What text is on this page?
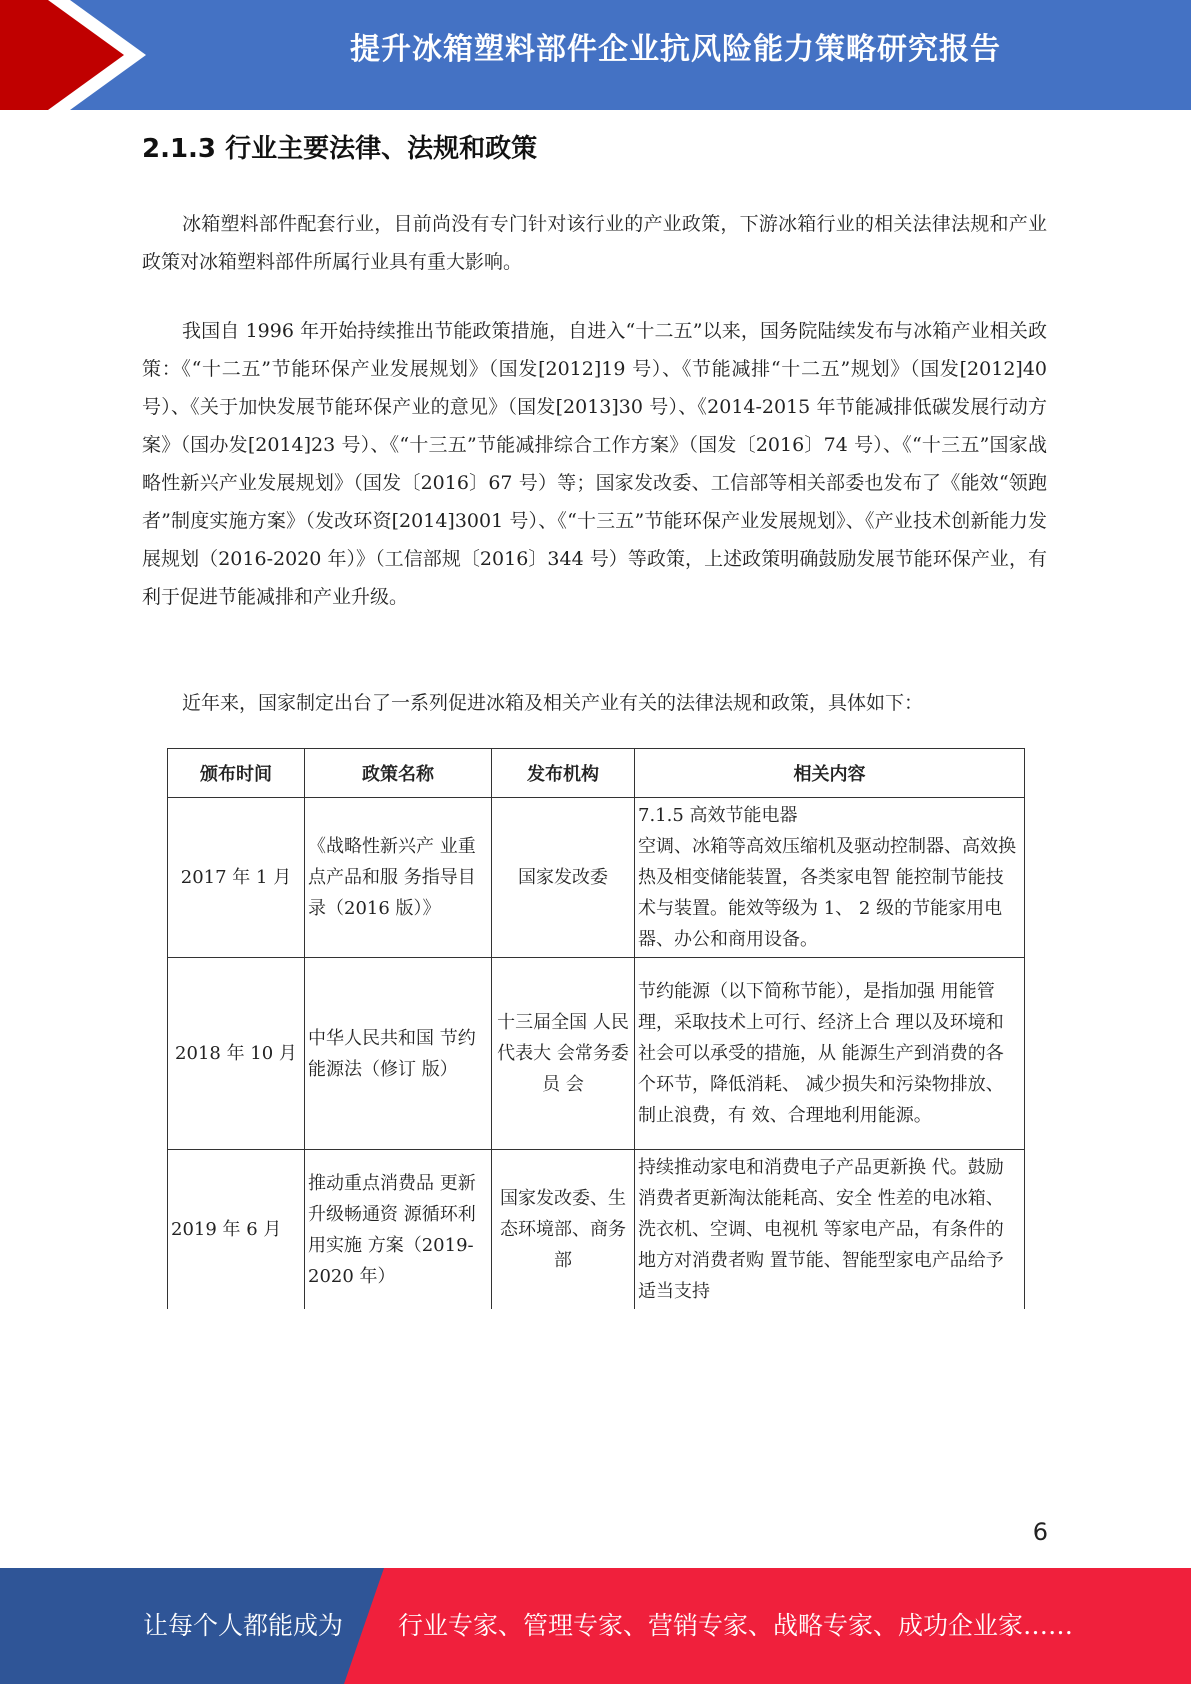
提升冰箱塑料部件企业抗风险能力策略研究报告
2.1.3 行业主要法律、法规和政策

冰箱塑料部件配套行业，目前尚没有专门针对该行业的产业政策，下游冰箱行业的相关法律法规和产业政策对冰箱塑料部件所属行业具有重大影响。

我国自 1996 年开始持续推出节能政策措施，自进入“十二五”以来，国务院陆续发布与冰箱产业相关政策：《“十二五”节能环保产业发展规划》（国发[2012]19 号）、《节能减排“十二五”规划》（国发[2012]40 号）、《关于加快发展节能环保产业的意见》（国发[2013]30 号）、《2014-2015 年节能减排低碳发展行动方案》（国办发[2014]23 号）、《“十三五”节能减排综合工作方案》（国发〔2016〕74 号）、《“十三五”国家战略性新兴产业发展规划》（国发〔2016〕67 号）等；国家发改委、工信部等相关部委也发布了《能效“领跑者”制度实施方案》（发改环资[2014]3001 号）、《“十三五”节能环保产业发展规划》、《产业技术创新能力发展规划（2016-2020 年）》（工信部规〔2016〕344 号）等政策，上述政策明确鼓励发展节能环保产业，有利于促进节能减排和产业升级。

近年来，国家制定出台了一系列促进冰箱及相关产业有关的法律法规和政策，具体如下：

颁布时间	政策名称	发布机构	相关内容
2017 年 1 月	《战略性新兴产 业重点产品和服 务指导目录（2016 版）》	国家发改委	7.1.5 高效节能电器
空调、冰箱等高效压缩机及驱动控制器、高效换热及相变储能装置，各类家电智 能控制节能技术与装置。能效等级为 1、 2 级的节能家用电器、办公和商用设备。
2018 年 10 月	中华人民共和国 节约能源法（修订 版）	十三届全国 人民代表大 会常务委员 会	节约能源（以下简称节能），是指加强 用能管理，采取技术上可行、经济上合 理以及环境和社会可以承受的措施，从 能源生产到消费的各个环节，降低消耗、 减少损失和污染物排放、制止浪费，有 效、合理地利用能源。
2019 年 6 月	推动重点消费品 更新升级畅通资 源循环利用实施 方案（2019-2020 年）	国家发改委、生态环境部、商务部	持续推动家电和消费电子产品更新换 代。鼓励消费者更新淘汰能耗高、安全 性差的电冰箱、洗衣机、空调、电视机 等家电产品，有条件的地方对消费者购 置节能、智能型家电产品给予适当支持
6
让每个人都能成为 行业专家、管理专家、营销专家、战略专家、成功企业家……
